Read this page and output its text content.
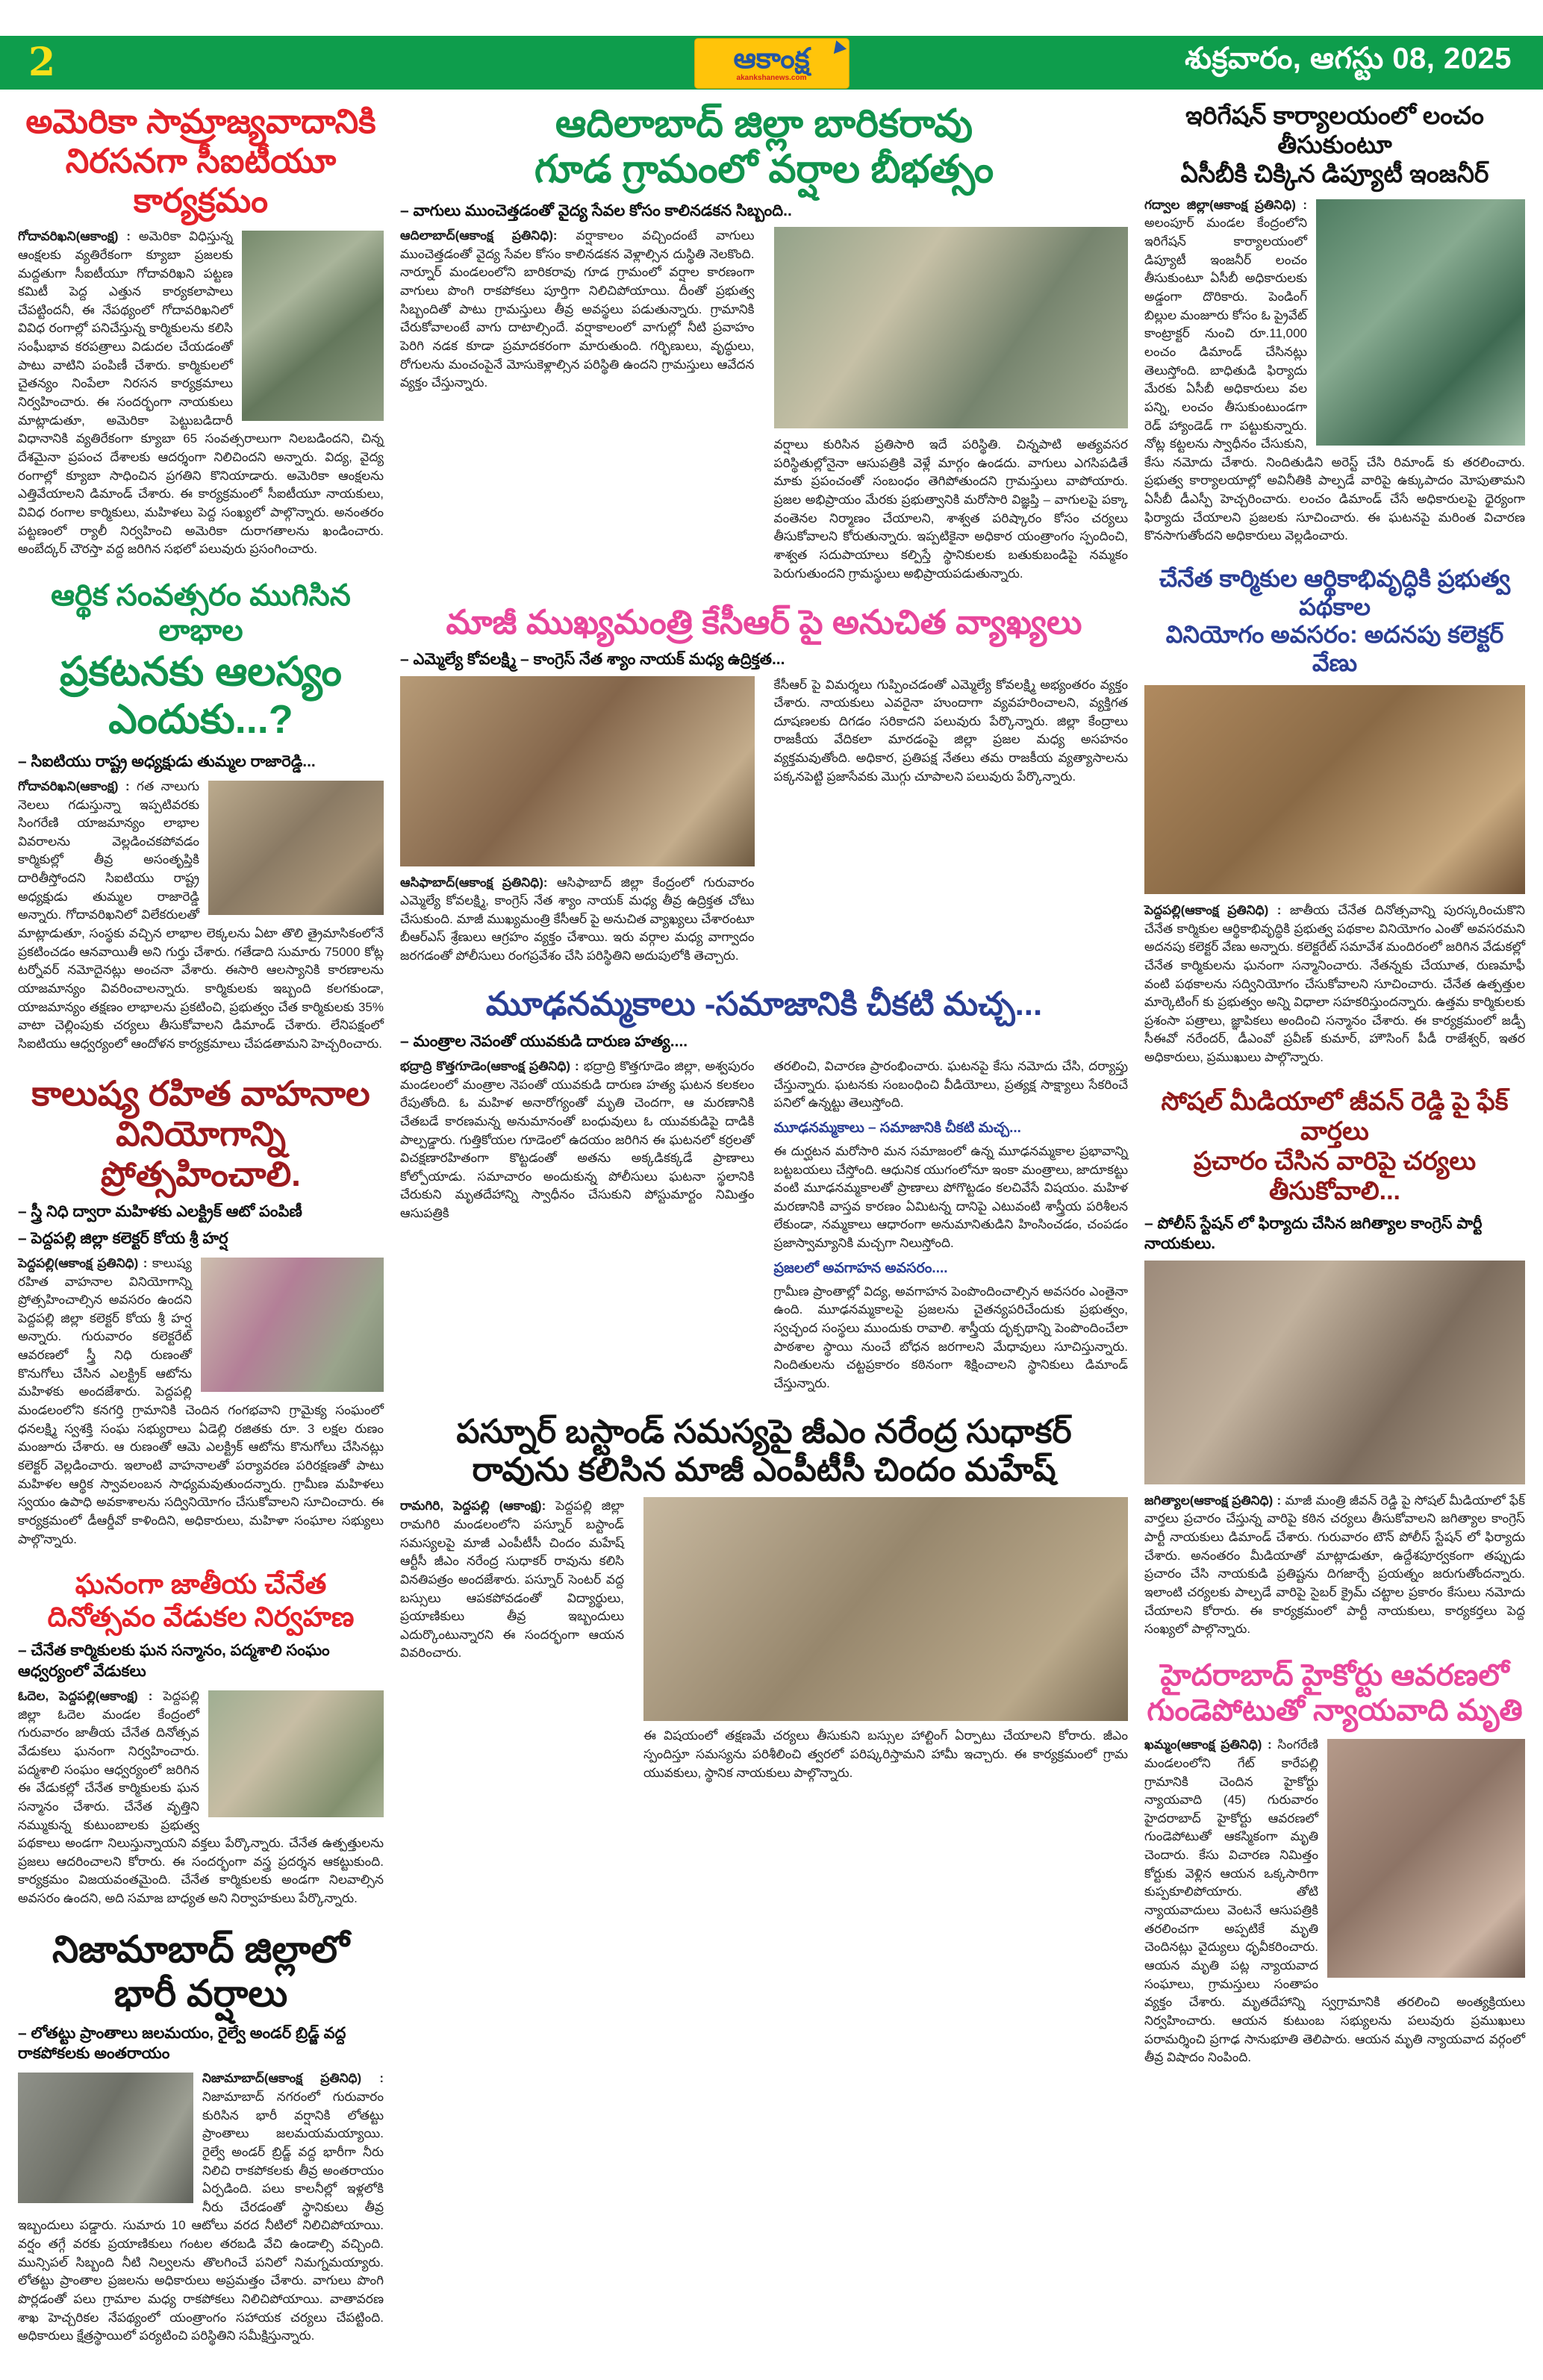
2	ఆకాంక్ష
akankshanews.com
శుక్రవారం, ఆగస్టు 08, 2025
అమెరికా సామ్రాజ్యవాదానికి
నిరసనగా సీఐటీయూ కార్యక్రమం
గోదావరిఖని(ఆకాంక్ష) : అమెరికా విధిస్తున్న ఆంక్షలకు వ్యతిరేకంగా క్యూబా ప్రజలకు మద్దతుగా సీఐటీయూ గోదావరిఖని పట్టణ కమిటీ పెద్ద ఎత్తున కార్యకలాపాలు చేపట్టిందనీ, ఈ నేపథ్యంలో గోదావరిఖనిలో వివిధ రంగాల్లో పనిచేస్తున్న కార్మికులను కలిసి సంఘీభావ కరపత్రాలు విడుదల చేయడంతో పాటు వాటిని పంపిణీ చేశారు. కార్మికులలో చైతన్యం నింపేలా నిరసన కార్యక్రమాలు నిర్వహించారు. ఈ సందర్భంగా నాయకులు మాట్లాడుతూ, అమెరికా పెట్టుబడిదారీ విధానానికి వ్యతిరేకంగా క్యూబా 65 సంవత్సరాలుగా నిలబడిందని, చిన్న దేశమైనా ప్రపంచ దేశాలకు ఆదర్శంగా నిలిచిందని అన్నారు. విద్య, వైద్య రంగాల్లో క్యూబా సాధించిన ప్రగతిని కొనియాడారు. అమెరికా ఆంక్షలను ఎత్తివేయాలని డిమాండ్ చేశారు. ఈ కార్యక్రమంలో సీఐటీయూ నాయకులు, వివిధ రంగాల కార్మికులు, మహిళలు పెద్ద సంఖ్యలో పాల్గొన్నారు. అనంతరం పట్టణంలో ర్యాలీ నిర్వహించి అమెరికా దురాగతాలను ఖండించారు. అంబేద్కర్ చౌరస్తా వద్ద జరిగిన సభలో పలువురు ప్రసంగించారు.
ఆర్థిక సంవత్సరం ముగిసిన లాభాల
ప్రకటనకు ఆలస్యం ఎందుకు...?
– సిఐటియు రాష్ట్ర అధ్యక్షుడు తుమ్మల రాజారెడ్డి...
గోదావరిఖని(ఆకాంక్ష) : గత నాలుగు నెలలు గడుస్తున్నా ఇప్పటివరకు సింగరేణి యాజమాన్యం లాభాల వివరాలను వెల్లడించకపోవడం కార్మికుల్లో తీవ్ర అసంతృప్తికి దారితీస్తోందని సిఐటియు రాష్ట్ర అధ్యక్షుడు తుమ్మల రాజారెడ్డి అన్నారు. గోదావరిఖనిలో విలేకరులతో మాట్లాడుతూ, సంస్థకు వచ్చిన లాభాల లెక్కలను ఏటా తొలి త్రైమాసికంలోనే ప్రకటించడం ఆనవాయితీ అని గుర్తు చేశారు. గతేడాది సుమారు 75000 కోట్ల టర్నోవర్ నమోదైనట్లు అంచనా వేశారు. ఈసారి ఆలస్యానికి కారణాలను యాజమాన్యం వివరించాలన్నారు. కార్మికులకు ఇబ్బంది కలగకుండా, యాజమాన్యం తక్షణం లాభాలను ప్రకటించి, ప్రభుత్వం చేత కార్మికులకు 35% వాటా చెల్లింపుకు చర్యలు తీసుకోవాలని డిమాండ్ చేశారు. లేనిపక్షంలో సిఐటియు ఆధ్వర్యంలో ఆందోళన కార్యక్రమాలు చేపడతామని హెచ్చరించారు.
కాలుష్య రహిత వాహనాల
వినియోగాన్ని ప్రోత్సహించాలి.
– స్త్రీ నిధి ద్వారా మహిళకు ఎలక్ట్రిక్ ఆటో పంపిణీ
– పెద్దపల్లి జిల్లా కలెక్టర్ కోయ శ్రీ హర్ష
పెద్దపల్లి(ఆకాంక్ష ప్రతినిధి) : కాలుష్య రహిత వాహనాల వినియోగాన్ని ప్రోత్సహించాల్సిన అవసరం ఉందని పెద్దపల్లి జిల్లా కలెక్టర్ కోయ శ్రీ హర్ష అన్నారు. గురువారం కలెక్టరేట్ ఆవరణలో స్త్రీ నిధి రుణంతో కొనుగోలు చేసిన ఎలక్ట్రిక్ ఆటోను మహిళకు అందజేశారు. పెద్దపల్లి మండలంలోని కనగర్తి గ్రామానికి చెందిన గంగభవాని గ్రామైక్య సంఘంలో ధనలక్ష్మి స్వశక్తి సంఘ సభ్యురాలు ఏడెల్లి రజితకు రూ. 3 లక్షల రుణం మంజూరు చేశారు. ఆ రుణంతో ఆమె ఎలక్ట్రిక్ ఆటోను కొనుగోలు చేసినట్లు కలెక్టర్ వెల్లడించారు. ఇలాంటి వాహనాలతో పర్యావరణ పరిరక్షణతో పాటు మహిళల ఆర్థిక స్వావలంబన సాధ్యమవుతుందన్నారు. గ్రామీణ మహిళలు స్వయం ఉపాధి అవకాశాలను సద్వినియోగం చేసుకోవాలని సూచించారు. ఈ కార్యక్రమంలో డీఆర్డీవో కాళిందిని, అధికారులు, మహిళా సంఘాల సభ్యులు పాల్గొన్నారు.
ఘనంగా జాతీయ చేనేత దినోత్సవం వేడుకల నిర్వహణ
– చేనేత కార్మికులకు ఘన సన్మానం, పద్మశాలి సంఘం ఆధ్వర్యంలో వేడుకలు
ఓదెల, పెద్దపల్లి(ఆకాంక్ష) : పెద్దపల్లి జిల్లా ఓదెల మండల కేంద్రంలో గురువారం జాతీయ చేనేత దినోత్సవ వేడుకలు ఘనంగా నిర్వహించారు. పద్మశాలి సంఘం ఆధ్వర్యంలో జరిగిన ఈ వేడుకల్లో చేనేత కార్మికులకు ఘన సన్మానం చేశారు. చేనేత వృత్తిని నమ్ముకున్న కుటుంబాలకు ప్రభుత్వ పథకాలు అండగా నిలుస్తున్నాయని వక్తలు పేర్కొన్నారు. చేనేత ఉత్పత్తులను ప్రజలు ఆదరించాలని కోరారు. ఈ సందర్భంగా వస్త్ర ప్రదర్శన ఆకట్టుకుంది. కార్యక్రమం విజయవంతమైంది. చేనేత కార్మికులకు అండగా నిలవాల్సిన అవసరం ఉందని, అది సమాజ బాధ్యత అని నిర్వాహకులు పేర్కొన్నారు.
నిజామాబాద్ జిల్లాలో భారీ వర్షాలు
– లోతట్టు ప్రాంతాలు జలమయం, రైల్వే అండర్ బ్రిడ్జ్ వద్ద రాకపోకలకు అంతరాయం
నిజామాబాద్(ఆకాంక్ష ప్రతినిధి) : నిజామాబాద్ నగరంలో గురువారం కురిసిన భారీ వర్షానికి లోతట్టు ప్రాంతాలు జలమయమయ్యాయి. రైల్వే అండర్ బ్రిడ్జ్ వద్ద భారీగా నీరు నిలిచి రాకపోకలకు తీవ్ర అంతరాయం ఏర్పడింది. పలు కాలనీల్లో ఇళ్లలోకి నీరు చేరడంతో స్థానికులు తీవ్ర ఇబ్బందులు పడ్డారు. సుమారు 10 ఆటోలు వరద నీటిలో నిలిచిపోయాయి. వర్షం తగ్గే వరకు ప్రయాణికులు గంటల తరబడి వేచి ఉండాల్సి వచ్చింది. మున్సిపల్ సిబ్బంది నీటి నిల్వలను తొలగించే పనిలో నిమగ్నమయ్యారు. లోతట్టు ప్రాంతాల ప్రజలను అధికారులు అప్రమత్తం చేశారు. వాగులు పొంగి పొర్లడంతో పలు గ్రామాల మధ్య రాకపోకలు నిలిచిపోయాయి. వాతావరణ శాఖ హెచ్చరికల నేపథ్యంలో యంత్రాంగం సహాయక చర్యలు చేపట్టింది. అధికారులు క్షేత్రస్థాయిలో పర్యటించి పరిస్థితిని సమీక్షిస్తున్నారు.
ఆదిలాబాద్ జిల్లా బారికరావు
గూడ గ్రామంలో వర్షాల బీభత్సం
– వాగులు ముంచెత్తడంతో వైద్య సేవల కోసం కాలినడకన సిబ్బంది..
ఆదిలాబాద్(ఆకాంక్ష ప్రతినిధి): వర్షాకాలం వచ్చిందంటే వాగులు ముంచెత్తడంతో వైద్య సేవల కోసం కాలినడకన వెళ్లాల్సిన దుస్థితి నెలకొంది. నార్నూర్ మండలంలోని బారికరావు గూడ గ్రామంలో వర్షాల కారణంగా వాగులు పొంగి రాకపోకలు పూర్తిగా నిలిచిపోయాయి. దీంతో ప్రభుత్వ సిబ్బందితో పాటు గ్రామస్తులు తీవ్ర అవస్థలు పడుతున్నారు. గ్రామానికి చేరుకోవాలంటే వాగు దాటాల్సిందే. వర్షాకాలంలో వాగుల్లో నీటి ప్రవాహం పెరిగి నడక కూడా ప్రమాదకరంగా మారుతుంది. గర్భిణులు, వృద్ధులు, రోగులను మంచంపైనే మోసుకెళ్లాల్సిన పరిస్థితి ఉందని గ్రామస్తులు ఆవేదన వ్యక్తం చేస్తున్నారు.
వర్షాలు కురిసిన ప్రతిసారి ఇదే పరిస్థితి. చిన్నపాటి అత్యవసర పరిస్థితుల్లోనైనా ఆసుపత్రికి వెళ్లే మార్గం ఉండదు. వాగులు ఎగసిపడితే మాకు ప్రపంచంతో సంబంధం తెగిపోతుందని గ్రామస్తులు వాపోయారు. ప్రజల అభిప్రాయం మేరకు ప్రభుత్వానికి మరోసారి విజ్ఞప్తి – వాగులపై పక్కా వంతెనల నిర్మాణం చేయాలని, శాశ్వత పరిష్కారం కోసం చర్యలు తీసుకోవాలని కోరుతున్నారు. ఇప్పటికైనా అధికార యంత్రాంగం స్పందించి, శాశ్వత సదుపాయాలు కల్పిస్తే స్థానికులకు బతుకుబండిపై నమ్మకం పెరుగుతుందని గ్రామస్థులు అభిప్రాయపడుతున్నారు.
మాజీ ముఖ్యమంత్రి కేసీఆర్ పై అనుచిత వ్యాఖ్యలు
– ఎమ్మెల్యే కోవలక్ష్మి – కాంగ్రెస్ నేత శ్యాం నాయక్ మధ్య ఉద్రిక్తత...
ఆసిఫాబాద్(ఆకాంక్ష ప్రతినిధి): ఆసిఫాబాద్ జిల్లా కేంద్రంలో గురువారం ఎమ్మెల్యే కోవలక్ష్మి, కాంగ్రెస్ నేత శ్యాం నాయక్ మధ్య తీవ్ర ఉద్రిక్తత చోటు చేసుకుంది. మాజీ ముఖ్యమంత్రి కేసీఆర్ పై అనుచిత వ్యాఖ్యలు చేశారంటూ బీఆర్ఎస్ శ్రేణులు ఆగ్రహం వ్యక్తం చేశాయి. ఇరు వర్గాల మధ్య వాగ్వాదం జరగడంతో పోలీసులు రంగప్రవేశం చేసి పరిస్థితిని అదుపులోకి తెచ్చారు.
కేసీఆర్ పై విమర్శలు గుప్పించడంతో ఎమ్మెల్యే కోవలక్ష్మి అభ్యంతరం వ్యక్తం చేశారు. నాయకులు ఎవరైనా హుందాగా వ్యవహరించాలని, వ్యక్తిగత దూషణలకు దిగడం సరికాదని పలువురు పేర్కొన్నారు. జిల్లా కేంద్రాలు రాజకీయ వేదికలా మారడంపై జిల్లా ప్రజల మధ్య అసహనం వ్యక్తమవుతోంది. అధికార, ప్రతిపక్ష నేతలు తమ రాజకీయ వ్యత్యాసాలను పక్కనపెట్టి ప్రజాసేవకు మొగ్గు చూపాలని పలువురు పేర్కొన్నారు.
మూఢనమ్మకాలు -సమాజానికి చీకటి మచ్చ...
– మంత్రాల నెపంతో యువకుడి దారుణ హత్య....
భద్రాద్రి కొత్తగూడెం(ఆకాంక్ష ప్రతినిధి) : భద్రాద్రి కొత్తగూడెం జిల్లా, అశ్వపురం మండలంలో మంత్రాల నెపంతో యువకుడి దారుణ హత్య ఘటన కలకలం రేపుతోంది. ఓ మహిళ అనారోగ్యంతో మృతి చెందగా, ఆ మరణానికి చేతబడే కారణమన్న అనుమానంతో బంధువులు ఓ యువకుడిపై దాడికి పాల్పడ్డారు. గుత్తికోయల గూడెంలో ఉదయం జరిగిన ఈ ఘటనలో కర్రలతో విచక్షణారహితంగా కొట్టడంతో అతను అక్కడికక్కడే ప్రాణాలు కోల్పోయాడు. సమాచారం అందుకున్న పోలీసులు ఘటనా స్థలానికి చేరుకుని మృతదేహాన్ని స్వాధీనం చేసుకుని పోస్టుమార్టం నిమిత్తం ఆసుపత్రికి
తరలించి, విచారణ ప్రారంభించారు. ఘటనపై కేసు నమోదు చేసి, దర్యాప్తు చేస్తున్నారు. ఘటనకు సంబంధించి వీడియోలు, ప్రత్యక్ష సాక్ష్యాలు సేకరించే పనిలో ఉన్నట్టు తెలుస్తోంది.
మూఢనమ్మకాలు – సమాజానికి చీకటి మచ్చ...
ఈ దుర్ఘటన మరోసారి మన సమాజంలో ఉన్న మూఢనమ్మకాల ప్రభావాన్ని బట్టబయలు చేస్తోంది. ఆధునిక యుగంలోనూ ఇంకా మంత్రాలు, జాదూకట్టు వంటి మూఢనమ్మకాలతో ప్రాణాలు పోగొట్టడం కలచివేసే విషయం. మహిళ మరణానికి వాస్తవ కారణం ఏమిటన్న దానిపై ఎటువంటి శాస్త్రీయ పరిశీలన లేకుండా, నమ్మకాలు ఆధారంగా అనుమానితుడిని హింసించడం, చంపడం ప్రజాస్వామ్యానికి మచ్చగా నిలుస్తోంది.
ప్రజలలో అవగాహన అవసరం....
గ్రామీణ ప్రాంతాల్లో విద్య, అవగాహన పెంపొందించాల్సిన అవసరం ఎంతైనా ఉంది. మూఢనమ్మకాలపై ప్రజలను చైతన్యపరిచేందుకు ప్రభుత్వం, స్వచ్ఛంద సంస్థలు ముందుకు రావాలి. శాస్త్రీయ దృక్పథాన్ని పెంపొందించేలా పాఠశాల స్థాయి నుంచే బోధన జరగాలని మేధావులు సూచిస్తున్నారు. నిందితులను చట్టప్రకారం కఠినంగా శిక్షించాలని స్థానికులు డిమాండ్ చేస్తున్నారు.
పస్నూర్ బస్టాండ్ సమస్యపై జీఎం నరేంద్ర సుధాకర్
రావును కలిసిన మాజీ ఎంపీటీసీ చిందం మహేష్
రామగిరి, పెద్దపల్లి (ఆకాంక్ష): పెద్దపల్లి జిల్లా రామగిరి మండలంలోని పస్నూర్ బస్టాండ్ సమస్యలపై మాజీ ఎంపీటీసీ చిందం మహేష్ ఆర్టీసీ జీఎం నరేంద్ర సుధాకర్ రావును కలిసి వినతిపత్రం అందజేశారు. పస్నూర్ సెంటర్ వద్ద బస్సులు ఆపకపోవడంతో విద్యార్థులు, ప్రయాణికులు తీవ్ర ఇబ్బందులు ఎదుర్కొంటున్నారని ఈ సందర్భంగా ఆయన వివరించారు.
ఈ విషయంలో తక్షణమే చర్యలు తీసుకుని బస్సుల హాల్టింగ్ ఏర్పాటు చేయాలని కోరారు. జీఎం స్పందిస్తూ సమస్యను పరిశీలించి త్వరలో పరిష్కరిస్తామని హామీ ఇచ్చారు. ఈ కార్యక్రమంలో గ్రామ యువకులు, స్థానిక నాయకులు పాల్గొన్నారు.
ఇరిగేషన్ కార్యాలయంలో లంచం తీసుకుంటూ
ఏసీబీకి చిక్కిన డిప్యూటీ ఇంజనీర్
గద్వాల జిల్లా(ఆకాంక్ష ప్రతినిధి) : అలంపూర్ మండల కేంద్రంలోని ఇరిగేషన్ కార్యాలయంలో డిప్యూటీ ఇంజనీర్ లంచం తీసుకుంటూ ఏసీబీ అధికారులకు అడ్డంగా దొరికారు. పెండింగ్ బిల్లుల మంజూరు కోసం ఓ ప్రైవేట్ కాంట్రాక్టర్ నుంచి రూ.11,000 లంచం డిమాండ్ చేసినట్లు తెలుస్తోంది. బాధితుడి ఫిర్యాదు మేరకు ఏసీబీ అధికారులు వల పన్ని, లంచం తీసుకుంటుండగా రెడ్ హ్యాండెడ్ గా పట్టుకున్నారు. నోట్ల కట్టలను స్వాధీనం చేసుకుని, కేసు నమోదు చేశారు. నిందితుడిని అరెస్ట్ చేసి రిమాండ్ కు తరలించారు. ప్రభుత్వ కార్యాలయాల్లో అవినీతికి పాల్పడే వారిపై ఉక్కుపాదం మోపుతామని ఏసీబీ డీఎస్పీ హెచ్చరించారు. లంచం డిమాండ్ చేసే అధికారులపై ధైర్యంగా ఫిర్యాదు చేయాలని ప్రజలకు సూచించారు. ఈ ఘటనపై మరింత విచారణ కొనసాగుతోందని అధికారులు వెల్లడించారు.
చేనేత కార్మికుల ఆర్థికాభివృద్ధికి ప్రభుత్వ పథకాల
వినియోగం అవసరం: అదనపు కలెక్టర్ వేణు
పెద్దపల్లి(ఆకాంక్ష ప్రతినిధి) : జాతీయ చేనేత దినోత్సవాన్ని పురస్కరించుకొని చేనేత కార్మికుల ఆర్థికాభివృద్ధికి ప్రభుత్వ పథకాల వినియోగం ఎంతో అవసరమని అదనపు కలెక్టర్ వేణు అన్నారు. కలెక్టరేట్ సమావేశ మందిరంలో జరిగిన వేడుకల్లో చేనేత కార్మికులను ఘనంగా సన్మానించారు. నేతన్నకు చేయూత, రుణమాఫీ వంటి పథకాలను సద్వినియోగం చేసుకోవాలని సూచించారు. చేనేత ఉత్పత్తుల మార్కెటింగ్ కు ప్రభుత్వం అన్ని విధాలా సహకరిస్తుందన్నారు. ఉత్తమ కార్మికులకు ప్రశంసా పత్రాలు, జ్ఞాపికలు అందించి సన్మానం చేశారు. ఈ కార్యక్రమంలో జడ్పీ సీఈవో నరేందర్, డీఎంవో ప్రవీణ్ కుమార్, హౌసింగ్ పీడీ రాజేశ్వర్, ఇతర అధికారులు, ప్రముఖులు పాల్గొన్నారు.
సోషల్ మీడియాలో జీవన్ రెడ్డి పై ఫేక్ వార్తలు
ప్రచారం చేసిన వారిపై చర్యలు తీసుకోవాలి...
– పోలీస్ స్టేషన్ లో ఫిర్యాదు చేసిన జగిత్యాల కాంగ్రెస్ పార్టీ నాయకులు.
జగిత్యాల(ఆకాంక్ష ప్రతినిధి) : మాజీ మంత్రి జీవన్ రెడ్డి పై సోషల్ మీడియాలో ఫేక్ వార్తలు ప్రచారం చేస్తున్న వారిపై కఠిన చర్యలు తీసుకోవాలని జగిత్యాల కాంగ్రెస్ పార్టీ నాయకులు డిమాండ్ చేశారు. గురువారం టౌన్ పోలీస్ స్టేషన్ లో ఫిర్యాదు చేశారు. అనంతరం మీడియాతో మాట్లాడుతూ, ఉద్దేశపూర్వకంగా తప్పుడు ప్రచారం చేసి నాయకుడి ప్రతిష్టను దిగజార్చే ప్రయత్నం జరుగుతోందన్నారు. ఇలాంటి చర్యలకు పాల్పడే వారిపై సైబర్ క్రైమ్ చట్టాల ప్రకారం కేసులు నమోదు చేయాలని కోరారు. ఈ కార్యక్రమంలో పార్టీ నాయకులు, కార్యకర్తలు పెద్ద సంఖ్యలో పాల్గొన్నారు.
హైదరాబాద్ హైకోర్టు ఆవరణలో
గుండెపోటుతో న్యాయవాది మృతి
ఖమ్మం(ఆకాంక్ష ప్రతినిధి) : సింగరేణి మండలంలోని గేట్ కారేపల్లి గ్రామానికి చెందిన హైకోర్టు న్యాయవాది (45) గురువారం హైదరాబాద్ హైకోర్టు ఆవరణలో గుండెపోటుతో ఆకస్మికంగా మృతి చెందారు. కేసు విచారణ నిమిత్తం కోర్టుకు వెళ్లిన ఆయన ఒక్కసారిగా కుప్పకూలిపోయారు. తోటి న్యాయవాదులు వెంటనే ఆసుపత్రికి తరలించగా అప్పటికే మృతి చెందినట్లు వైద్యులు ధృవీకరించారు. ఆయన మృతి పట్ల న్యాయవాద సంఘాలు, గ్రామస్తులు సంతాపం వ్యక్తం చేశారు. మృతదేహాన్ని స్వగ్రామానికి తరలించి అంత్యక్రియలు నిర్వహించారు. ఆయన కుటుంబ సభ్యులను పలువురు ప్రముఖులు పరామర్శించి ప్రగాఢ సానుభూతి తెలిపారు. ఆయన మృతి న్యాయవాద వర్గంలో తీవ్ర విషాదం నింపింది.
